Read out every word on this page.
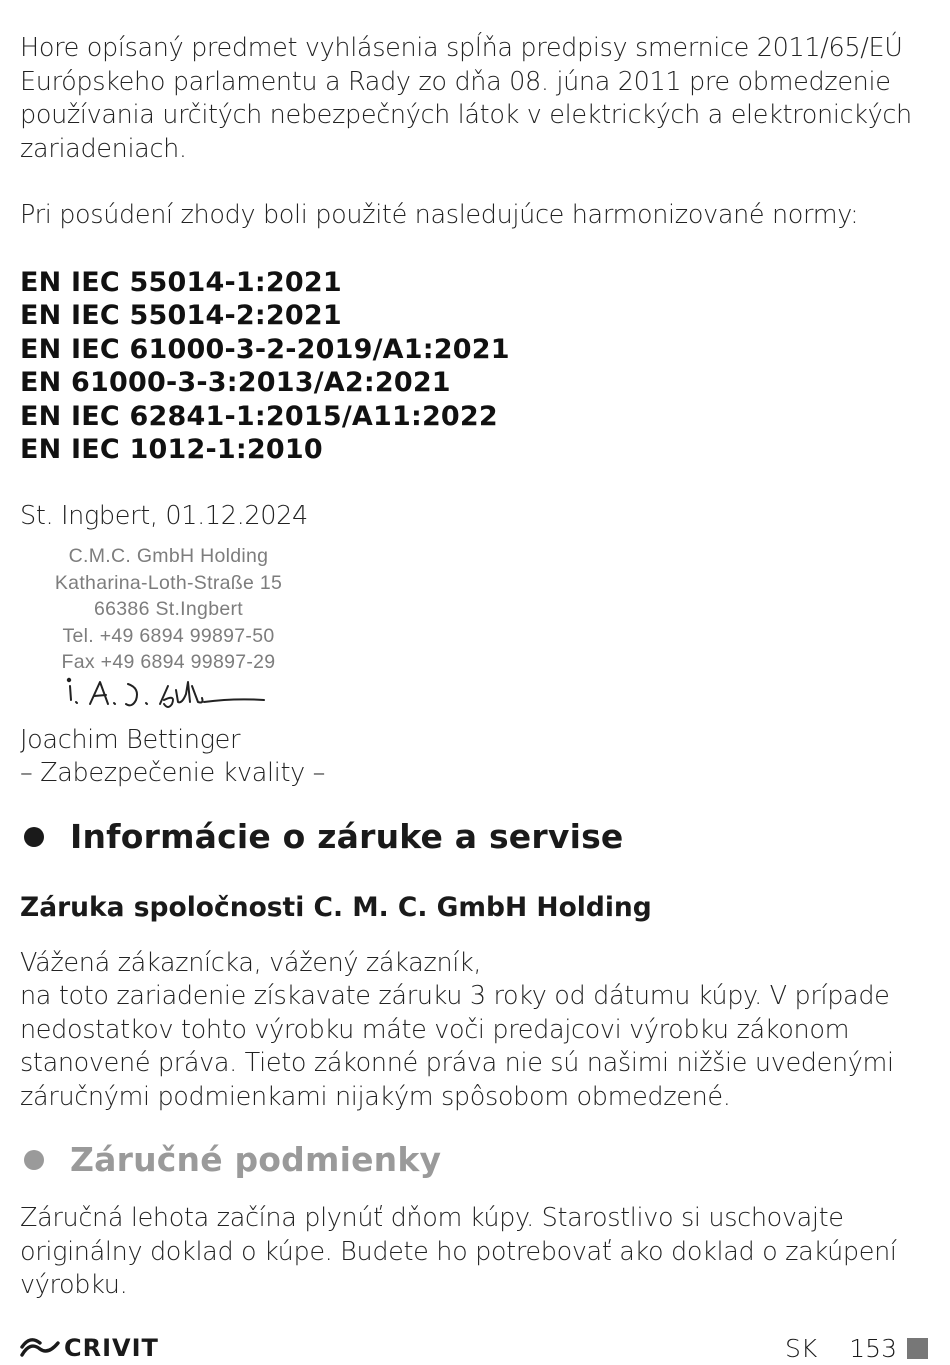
Hore opísaný predmet vyhlásenia spĺňa predpisy smernice 2011/65/EÚ Európskeho parlamentu a Rady zo dňa 08. júna 2011 pre obmedzenie používania určitých nebezpečných látok v elektrických a elektronických zariadeniach.

Pri posúdení zhody boli použité nasledujúce harmonizované normy:

EN IEC 55014-1:2021
EN IEC 55014-2:2021
EN IEC 61000-3-2-2019/A1:2021
EN 61000-3-3:2013/A2:2021
EN IEC 62841-1:2015/A11:2022
EN IEC 1012-1:2010

St. Ingbert, 01.12.2024

C.M.C. GmbH Holding
Katharina-Loth-Straße 15
66386 St.Ingbert
Tel. +49 6894 99897-50
Fax +49 6894 99897-29

Joachim Bettinger

– Zabezpečenie kvality –

Informácie o záruke a servise
Záruka spoločnosti C. M. C. GmbH Holding

Vážená zákaznícka, vážený zákazník,

na toto zariadenie získavate záruku 3 roky od dátumu kúpy. V prípade nedostatkov tohto výrobku máte voči predajcovi výrobku zákonom stanovené práva. Tieto zákonné práva nie sú našimi nižšie uvedenými záručnými podmienkami nijakým spôsobom obmedzené.

Záručné podmienky

Záručná lehota začína plynúť dňom kúpy. Starostlivo si uschovajte originálny doklad o kúpe. Budete ho potrebovať ako doklad o zakúpení výrobku.

CRIVIT	SK 153
